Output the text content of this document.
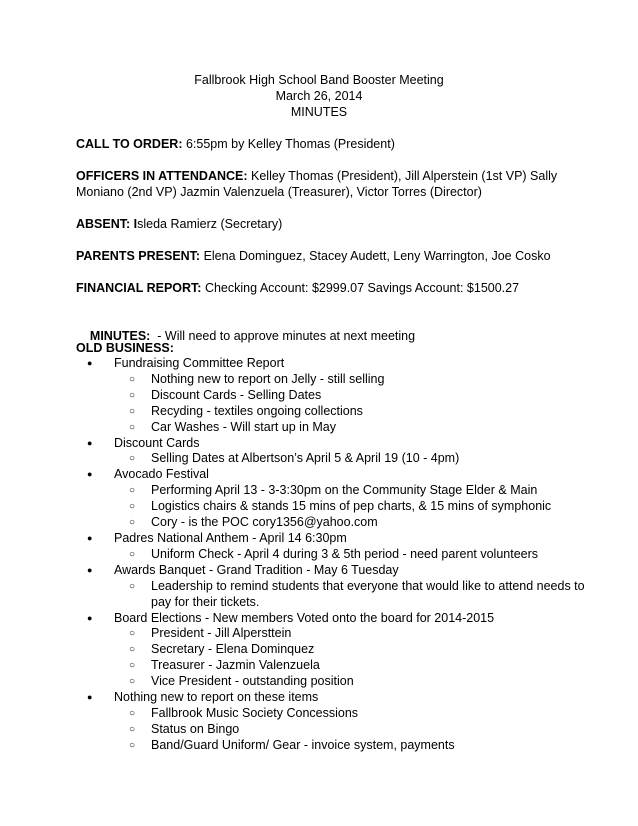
Fallbrook High School Band Booster Meeting
March 26, 2014
MINUTES
CALL TO ORDER: 6:55pm by Kelley Thomas (President)
OFFICERS IN ATTENDANCE: Kelley Thomas (President), Jill Alperstein (1st VP) Sally Moniano (2nd VP) Jazmin Valenzuela (Treasurer), Victor Torres (Director)
ABSENT: Isleda Ramierz (Secretary)
PARENTS PRESENT: Elena Dominguez, Stacey Audett, Leny Warrington, Joe Cosko
FINANCIAL REPORT: Checking Account: $2999.07 Savings Account: $1500.27

MINUTES:  - Will need to approve minutes at next meeting

OLD BUSINESS:
● Fundraising Committee Report
○ Nothing new to report on Jelly - still selling
○ Discount Cards - Selling Dates
○ Recyding - textiles ongoing collections
○ Car Washes - Will start up in May
● Discount Cards
○ Selling Dates at Albertson’s April 5 & April 19 (10 - 4pm)
● Avocado Festival
○ Performing April 13 - 3-3:30pm on the Community Stage Elder & Main
○ Logistics chairs & stands 15 mins of pep charts, & 15 mins of symphonic
○ Cory - is the POC cory1356@yahoo.com
● Padres National Anthem - April 14 6:30pm
○ Uniform Check - April 4 during 3 & 5th period - need parent volunteers
● Awards Banquet - Grand Tradition - May 6 Tuesday
○ Leadership to remind students that everyone that would like to attend needs to pay for their tickets.
● Board Elections - New members Voted onto the board for 2014-2015
○ President - Jill Alpersttein
○ Secretary - Elena Dominquez
○ Treasurer - Jazmin Valenzuela
○ Vice President - outstanding position
● Nothing new to report on these items
○ Fallbrook Music Society Concessions
○ Status on Bingo
○ Band/Guard Uniform/ Gear - invoice system, payments
